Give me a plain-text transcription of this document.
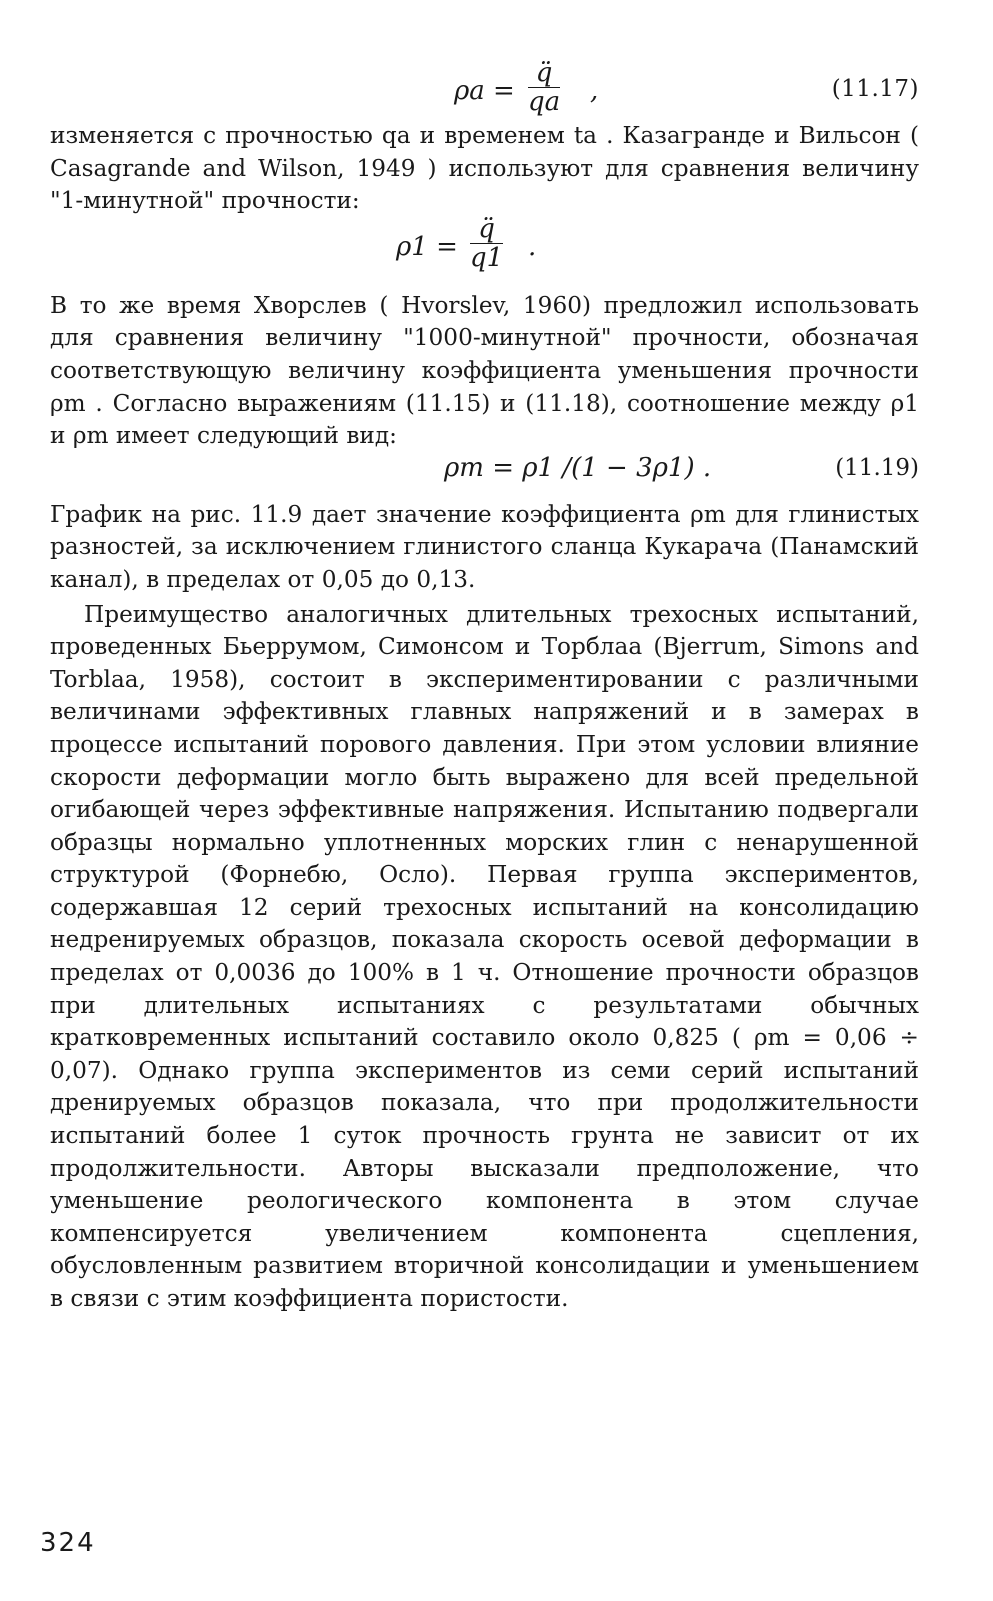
ρa =
q̈
qa ,	(11.17)

изменяется с прочностью qa и временем ta . Казагранде и Вильсон ( Casagrande and Wilson, 1949 ) используют для сравнения величину "1-минутной" прочности:

ρ1 =
q̈
q1 .

В то же время Хворслев ( Hvorslev, 1960) предложил использовать для сравнения величину "1000-минутной" прочности, обозначая соответствующую величину коэффициента уменьшения прочности ρm . Согласно выражениям (11.15) и (11.18), соотношение между ρ1 и ρm имеет следующий вид:

ρm = ρ1 /(1 − 3ρ1) .	(11.19)

График на рис. 11.9 дает значение коэффициента ρm для глинистых разностей, за исключением глинистого сланца Кукарача (Панамский канал), в пределах от 0,05 до 0,13.

Преимущество аналогичных длительных трехосных испытаний, проведенных Бьеррумом, Симонсом и Торблаа (Bjerrum, Simons and Torblaa, 1958), состоит в экспериментировании с различными величинами эффективных главных напряжений и в замерах в процессе испытаний порового давления. При этом условии влияние скорости деформации могло быть выражено для всей предельной огибающей через эффективные напряжения. Испытанию подвергали образцы нормально уплотненных морских глин с ненарушенной структурой (Форнебю, Осло). Первая группа экспериментов, содержавшая 12 серий трехосных испытаний на консолидацию недренируемых образцов, показала скорость осевой деформации в пределах от 0,0036 до 100% в 1 ч. Отношение прочности образцов при длительных испытаниях с результатами обычных кратковременных испытаний составило около 0,825 ( ρm = 0,06 ÷ 0,07). Однако группа экспериментов из семи серий испытаний дренируемых образцов показала, что при продолжительности испытаний более 1 суток прочность грунта не зависит от их продолжительности. Авторы высказали предположение, что уменьшение реологического компонента в этом случае компенсируется увеличением компонента сцепления, обусловленным развитием вторичной консолидации и уменьшением в связи с этим коэффициента пористости.

324
